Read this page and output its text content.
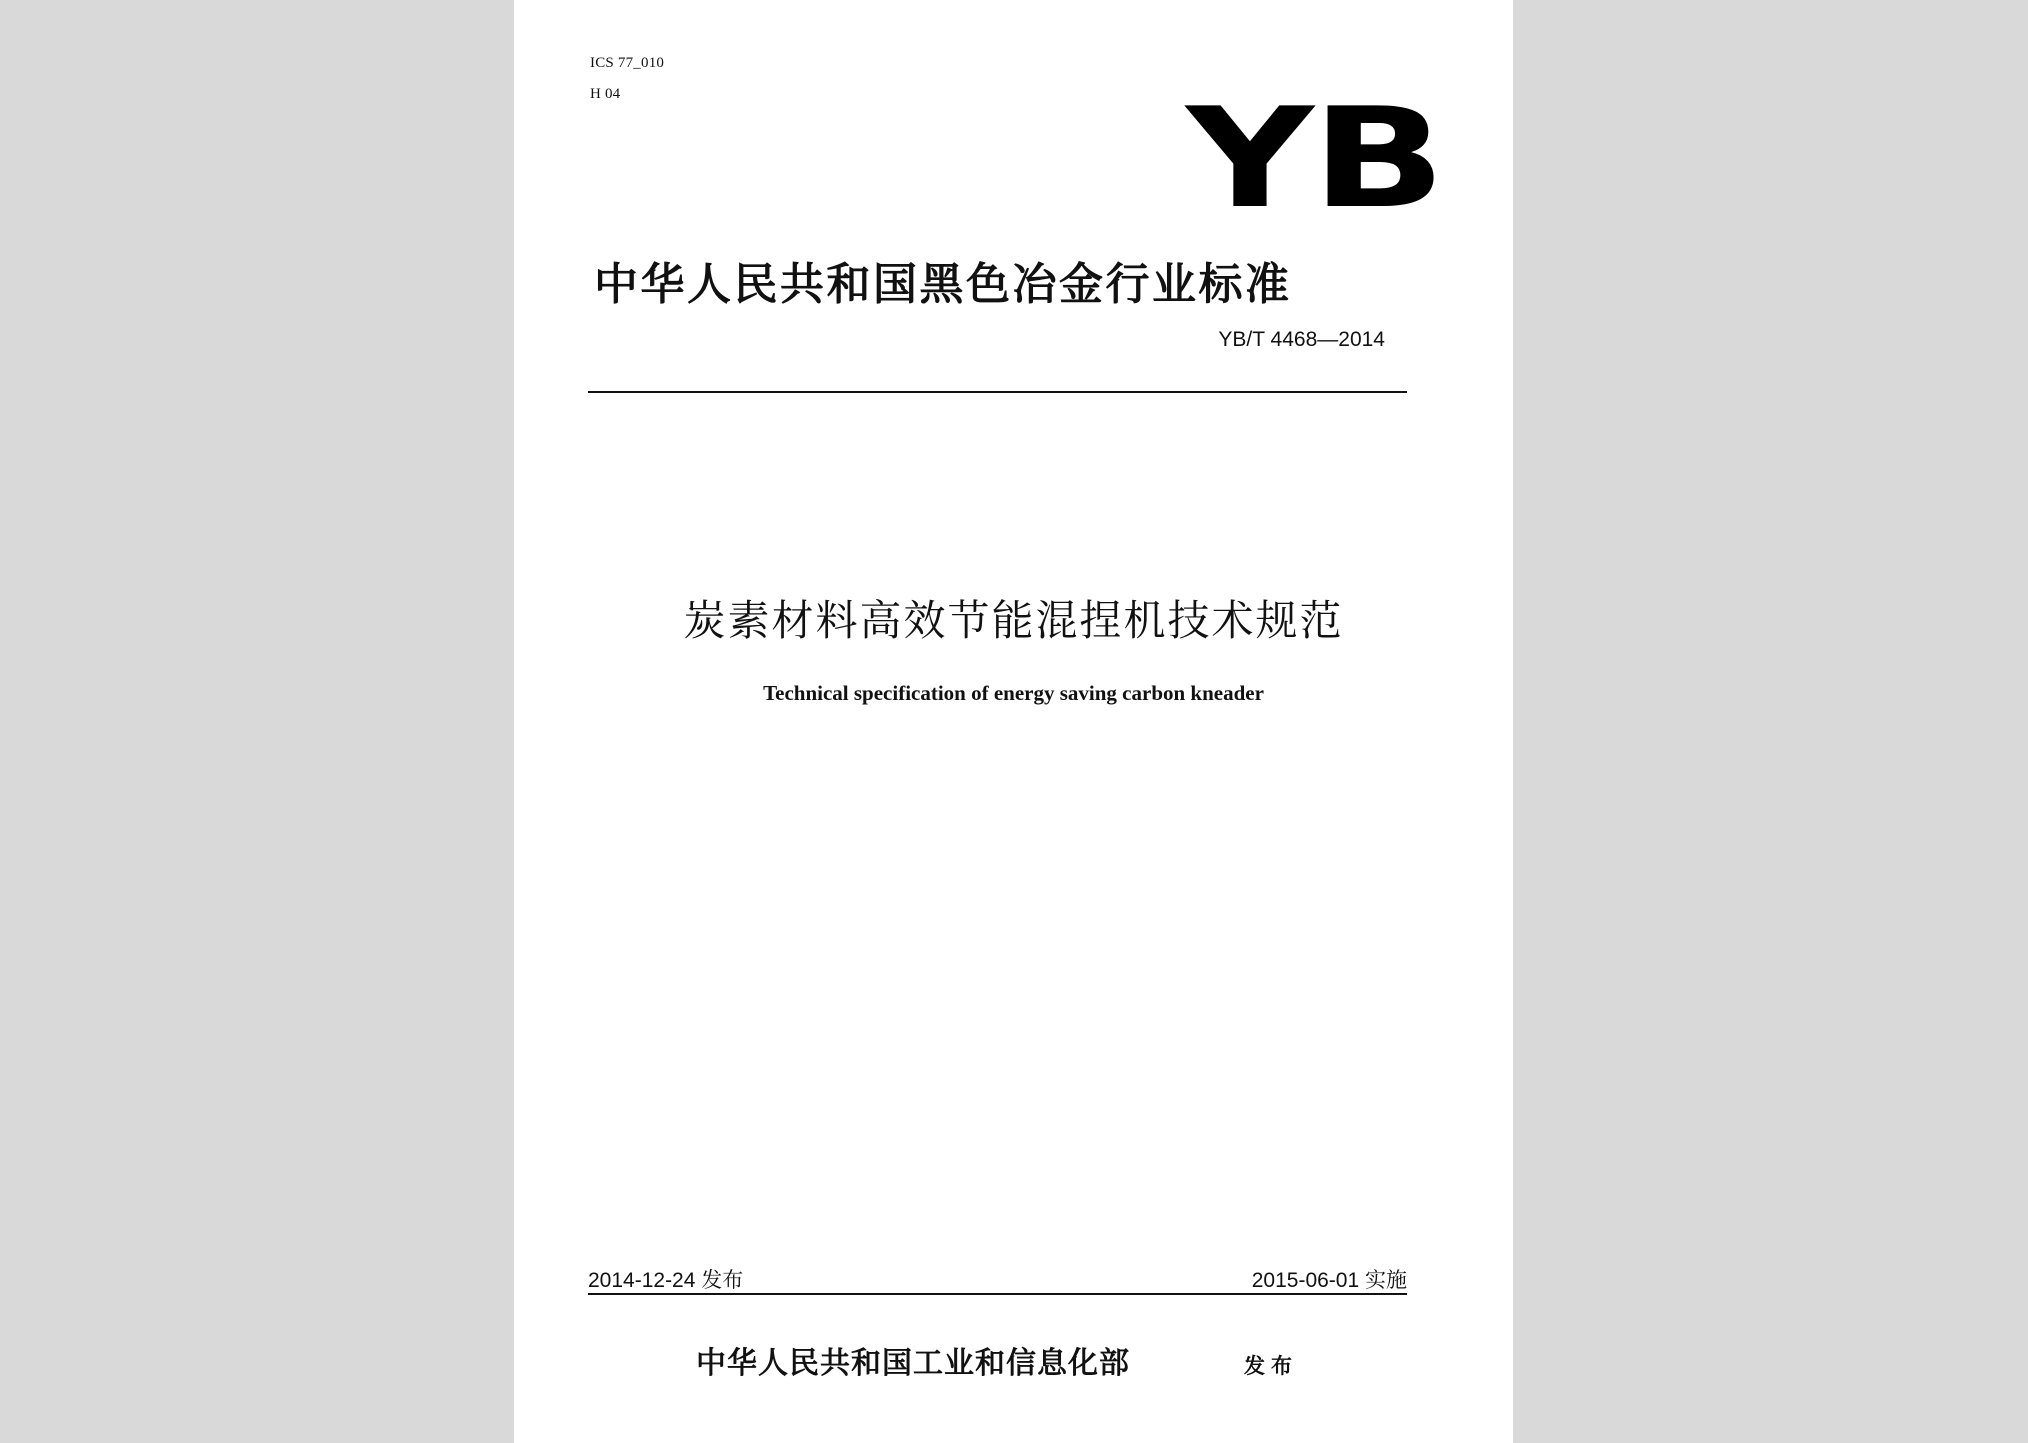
ICS 77_010
H 04	YB
中华人民共和国黑色冶金行业标准
YB/T 4468—2014
炭素材料高效节能混捏机技术规范
Technical specification of energy saving carbon kneader
2014-12-24 发布	2015-06-01 实施
中华人民共和国工业和信息化部	发布
